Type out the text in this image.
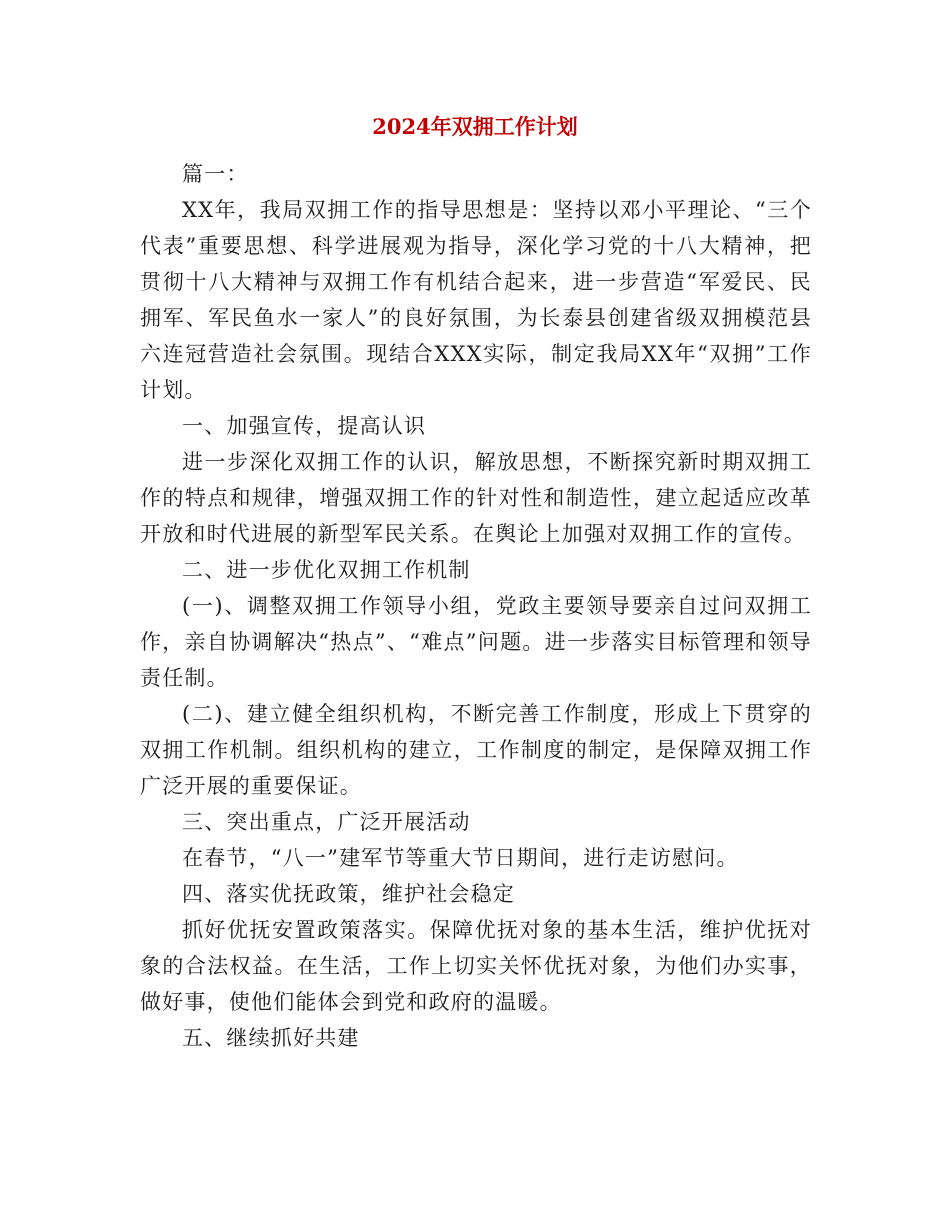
2024年双拥工作计划

篇一：

XX年，我局双拥工作的指导思想是：坚持以邓小平理论、“三个代表”重要思想、科学进展观为指导，深化学习党的十八大精神，把贯彻十八大精神与双拥工作有机结合起来，进一步营造“军爱民、民拥军、军民鱼水一家人”的良好氛围，为长泰县创建省级双拥模范县六连冠营造社会氛围。现结合XXX实际，制定我局XX年“双拥”工作计划。

一、加强宣传，提高认识

进一步深化双拥工作的认识，解放思想，不断探究新时期双拥工作的特点和规律，增强双拥工作的针对性和制造性，建立起适应改革开放和时代进展的新型军民关系。在舆论上加强对双拥工作的宣传。

二、进一步优化双拥工作机制

(一)、调整双拥工作领导小组，党政主要领导要亲自过问双拥工作，亲自协调解决“热点”、“难点”问题。进一步落实目标管理和领导责任制。

(二)、建立健全组织机构，不断完善工作制度，形成上下贯穿的双拥工作机制。组织机构的建立，工作制度的制定，是保障双拥工作广泛开展的重要保证。

三、突出重点，广泛开展活动

在春节，“八一”建军节等重大节日期间，进行走访慰问。

四、落实优抚政策，维护社会稳定

抓好优抚安置政策落实。保障优抚对象的基本生活，维护优抚对象的合法权益。在生活，工作上切实关怀优抚对象，为他们办实事，做好事，使他们能体会到党和政府的温暖。

五、继续抓好共建
